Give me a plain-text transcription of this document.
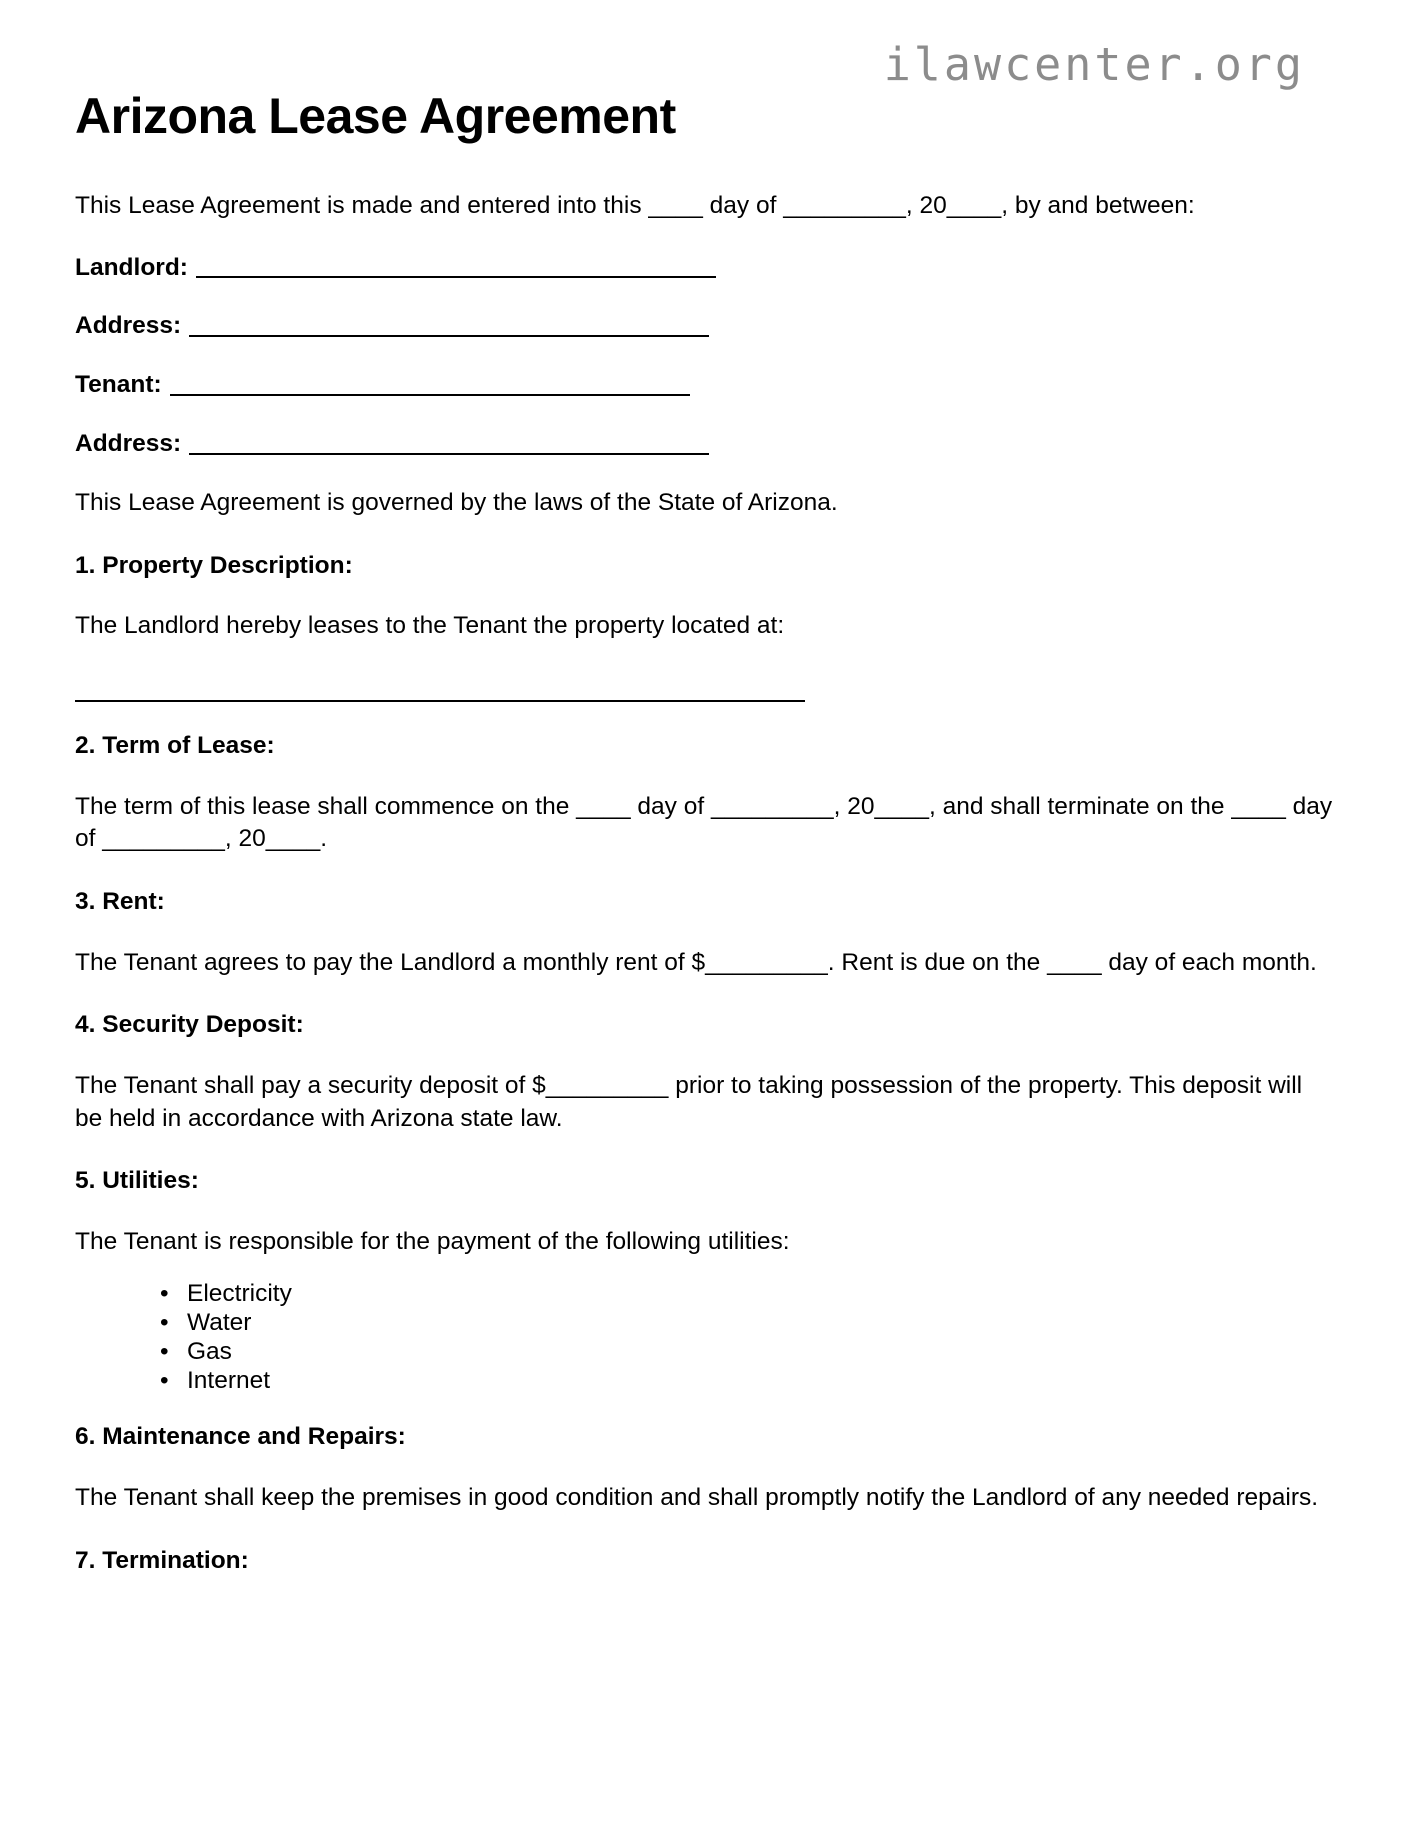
ilawcenter.org
Arizona Lease Agreement

This Lease Agreement is made and entered into this ____ day of _________, 20____, by and between:

Landlord:
Address:
Tenant:
Address:

This Lease Agreement is governed by the laws of the State of Arizona.

1. Property Description:

The Landlord hereby leases to the Tenant the property located at:

2. Term of Lease:

The term of this lease shall commence on the ____ day of _________, 20____, and shall terminate on the ____ day of _________, 20____.

3. Rent:

The Tenant agrees to pay the Landlord a monthly rent of $_________. Rent is due on the ____ day of each month.

4. Security Deposit:

The Tenant shall pay a security deposit of $_________ prior to taking possession of the property. This deposit will be held in accordance with Arizona state law.

5. Utilities:

The Tenant is responsible for the payment of the following utilities:

• Electricity
• Water
• Gas
• Internet
6. Maintenance and Repairs:

The Tenant shall keep the premises in good condition and shall promptly notify the Landlord of any needed repairs.

7. Termination:
